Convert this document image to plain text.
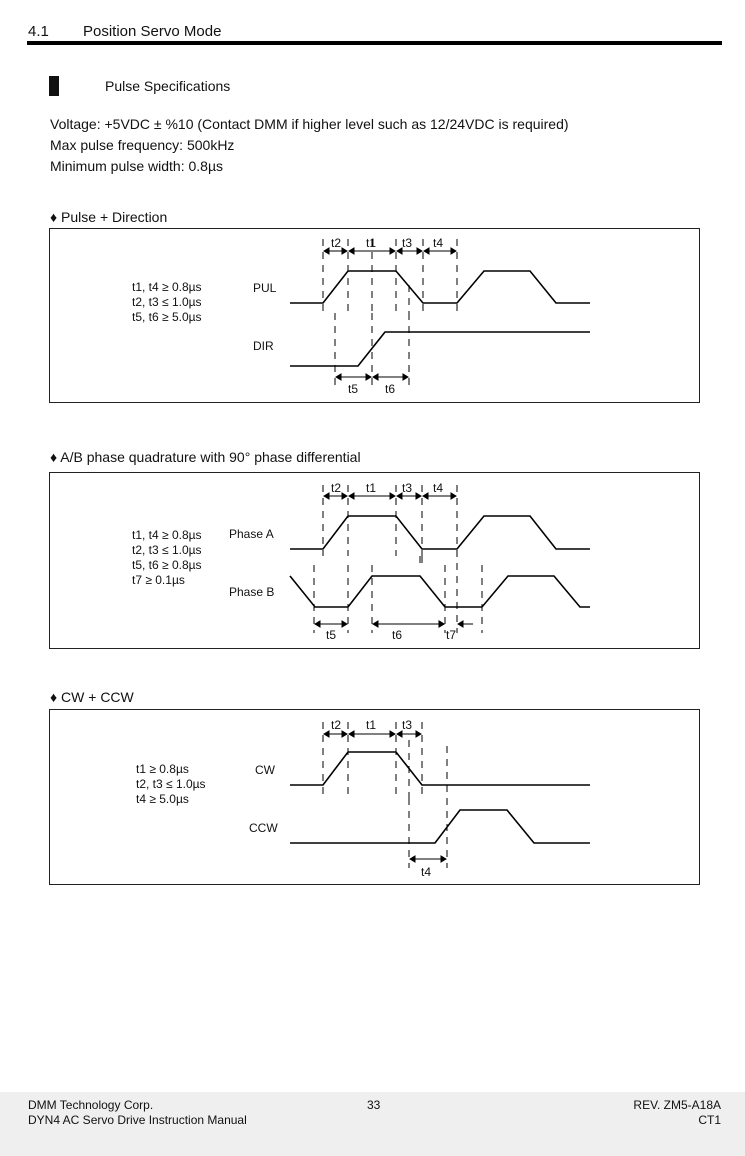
4.1 Position Servo Mode
Pulse Specifications
Voltage: +5VDC ± %10 (Contact DMM if higher level such as 12/24VDC is required)
Max pulse frequency: 500kHz
Minimum pulse width: 0.8µs
♦ Pulse + Direction
t2 t1 t3 t4
t5 t6
PUL
DIR
t1, t4 ≥ 0.8µs
t2, t3 ≤ 1.0µs
t5, t6 ≥ 5.0µs
♦ A/B phase quadrature with 90° phase differential
t2 t1 t3 t4
t5	t6	t7
Phase A
Phase B
t1, t4 ≥ 0.8µs
t2, t3 ≤ 1.0µs
t5, t6 ≥ 0.8µs
t7 ≥ 0.1µs
♦ CW + CCW
t2 t1 t3
t4
CW
CCW
t1 ≥ 0.8µs
t2, t3 ≤ 1.0µs
t4 ≥ 5.0µs
DMM Technology Corp.
DYN4 AC Servo Drive Instruction Manual
33	REV. ZM5-A18A
CT1
